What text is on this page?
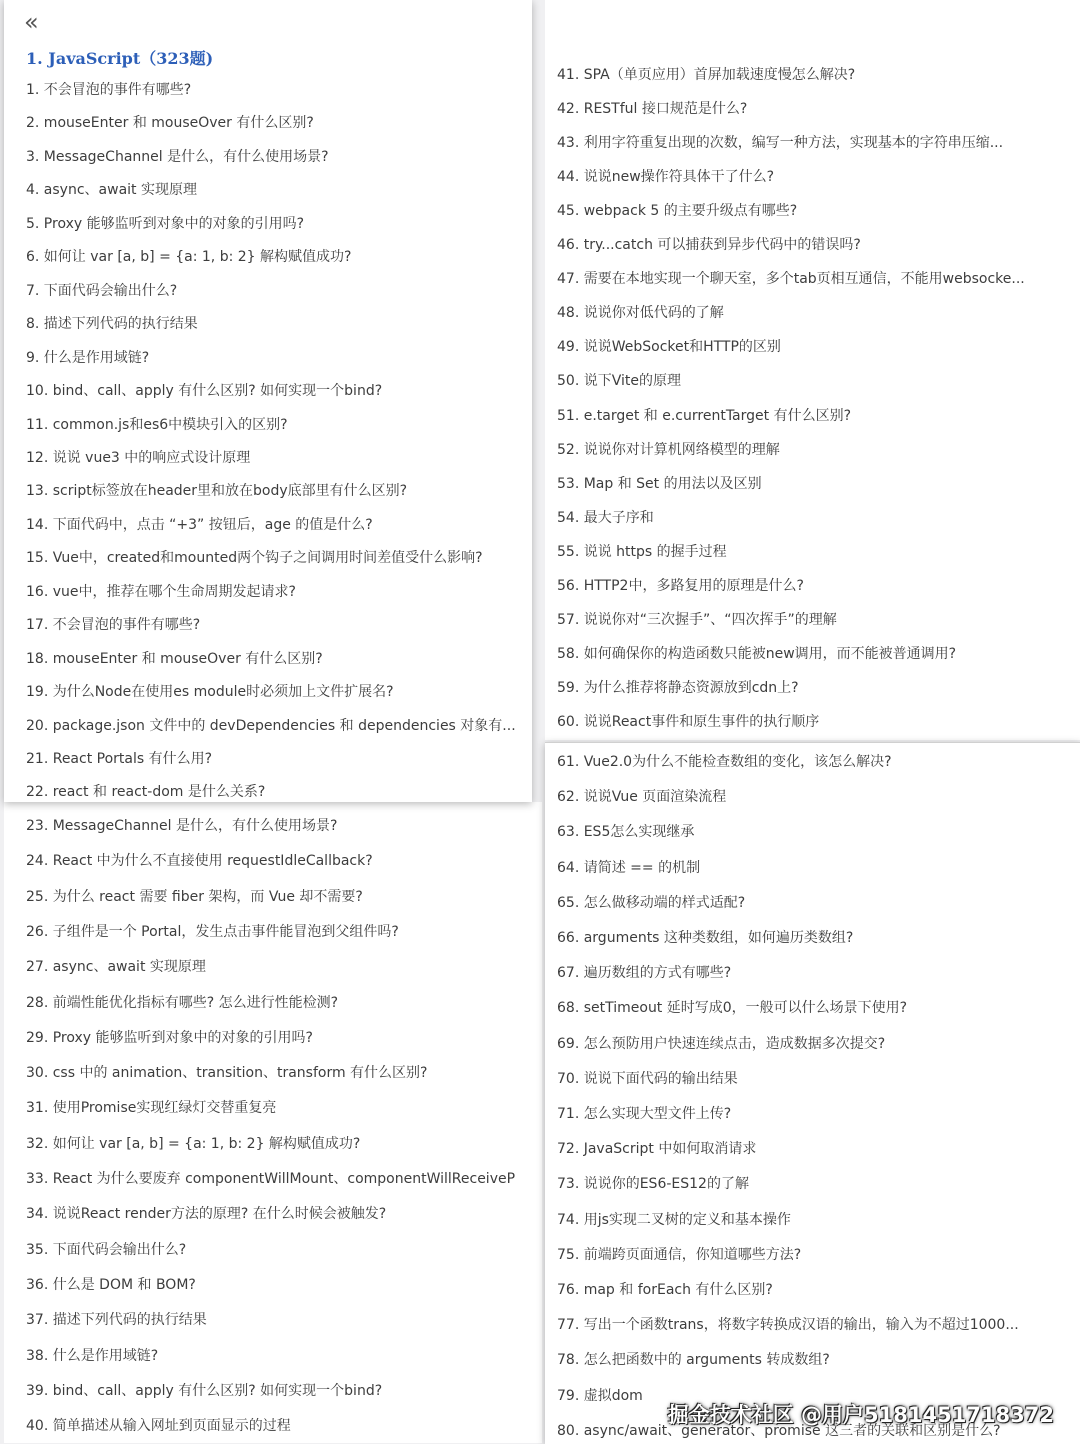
«
1. JavaScript（323题)
1. 不会冒泡的事件有哪些?
2. mouseEnter 和 mouseOver 有什么区别?
3. MessageChannel 是什么，有什么使用场景?
4. async、await 实现原理
5. Proxy 能够监听到对象中的对象的引用吗?
6. 如何让 var [a, b] = {a: 1, b: 2} 解构赋值成功?
7. 下面代码会输出什么?
8. 描述下列代码的执行结果
9. 什么是作用域链?
10. bind、call、apply 有什么区别? 如何实现一个bind?
11. common.js和es6中模块引入的区别?
12. 说说 vue3 中的响应式设计原理
13. script标签放在header里和放在body底部里有什么区别?
14. 下面代码中，点击 “+3” 按钮后，age 的值是什么?
15. Vue中，created和mounted两个钩子之间调用时间差值受什么影响?
16. vue中，推荐在哪个生命周期发起请求?
17. 不会冒泡的事件有哪些?
18. mouseEnter 和 mouseOver 有什么区别?
19. 为什么Node在使用es module时必须加上文件扩展名?
20. package.json 文件中的 devDependencies 和 dependencies 对象有...
21. React Portals 有什么用?
22. react 和 react-dom 是什么关系?
23. MessageChannel 是什么，有什么使用场景?
24. React 中为什么不直接使用 requestIdleCallback?
25. 为什么 react 需要 fiber 架构，而 Vue 却不需要?
26. 子组件是一个 Portal，发生点击事件能冒泡到父组件吗?
27. async、await 实现原理
28. 前端性能优化指标有哪些? 怎么进行性能检测?
29. Proxy 能够监听到对象中的对象的引用吗?
30. css 中的 animation、transition、transform 有什么区别?
31. 使用Promise实现红绿灯交替重复亮
32. 如何让 var [a, b] = {a: 1, b: 2} 解构赋值成功?
33. React 为什么要废弃 componentWillMount、componentWillReceiveP
34. 说说React render方法的原理? 在什么时候会被触发?
35. 下面代码会输出什么?
36. 什么是 DOM 和 BOM?
37. 描述下列代码的执行结果
38. 什么是作用域链?
39. bind、call、apply 有什么区别? 如何实现一个bind?
40. 简单描述从输入网址到页面显示的过程
41. SPA（单页应用）首屏加载速度慢怎么解决?
42. RESTful 接口规范是什么?
43. 利用字符重复出现的次数，编写一种方法，实现基本的字符串压缩...
44. 说说new操作符具体干了什么?
45. webpack 5 的主要升级点有哪些?
46. try...catch 可以捕获到异步代码中的错误吗?
47. 需要在本地实现一个聊天室，多个tab页相互通信，不能用websocke...
48. 说说你对低代码的了解
49. 说说WebSocket和HTTP的区别
50. 说下Vite的原理
51. e.target 和 e.currentTarget 有什么区别?
52. 说说你对计算机网络模型的理解
53. Map 和 Set 的用法以及区别
54. 最大子序和
55. 说说 https 的握手过程
56. HTTP2中，多路复用的原理是什么?
57. 说说你对“三次握手”、“四次挥手”的理解
58. 如何确保你的构造函数只能被new调用，而不能被普通调用?
59. 为什么推荐将静态资源放到cdn上?
60. 说说React事件和原生事件的执行顺序
61. Vue2.0为什么不能检查数组的变化，该怎么解决?
62. 说说Vue 页面渲染流程
63. ES5怎么实现继承
64. 请简述 == 的机制
65. 怎么做移动端的样式适配?
66. arguments 这种类数组，如何遍历类数组?
67. 遍历数组的方式有哪些?
68. setTimeout 延时写成0，一般可以什么场景下使用?
69. 怎么预防用户快速连续点击，造成数据多次提交?
70. 说说下面代码的输出结果
71. 怎么实现大型文件上传?
72. JavaScript 中如何取消请求
73. 说说你的ES6-ES12的了解
74. 用js实现二叉树的定义和基本操作
75. 前端跨页面通信，你知道哪些方法?
76. map 和 forEach 有什么区别?
77. 写出一个函数trans，将数字转换成汉语的输出，输入为不超过1000...
78. 怎么把函数中的 arguments 转成数组?
79. 虚拟dom
80. async/await、generator、promise 这三者的关联和区别是什么?
掘金技术社区 @用户5181451718372
